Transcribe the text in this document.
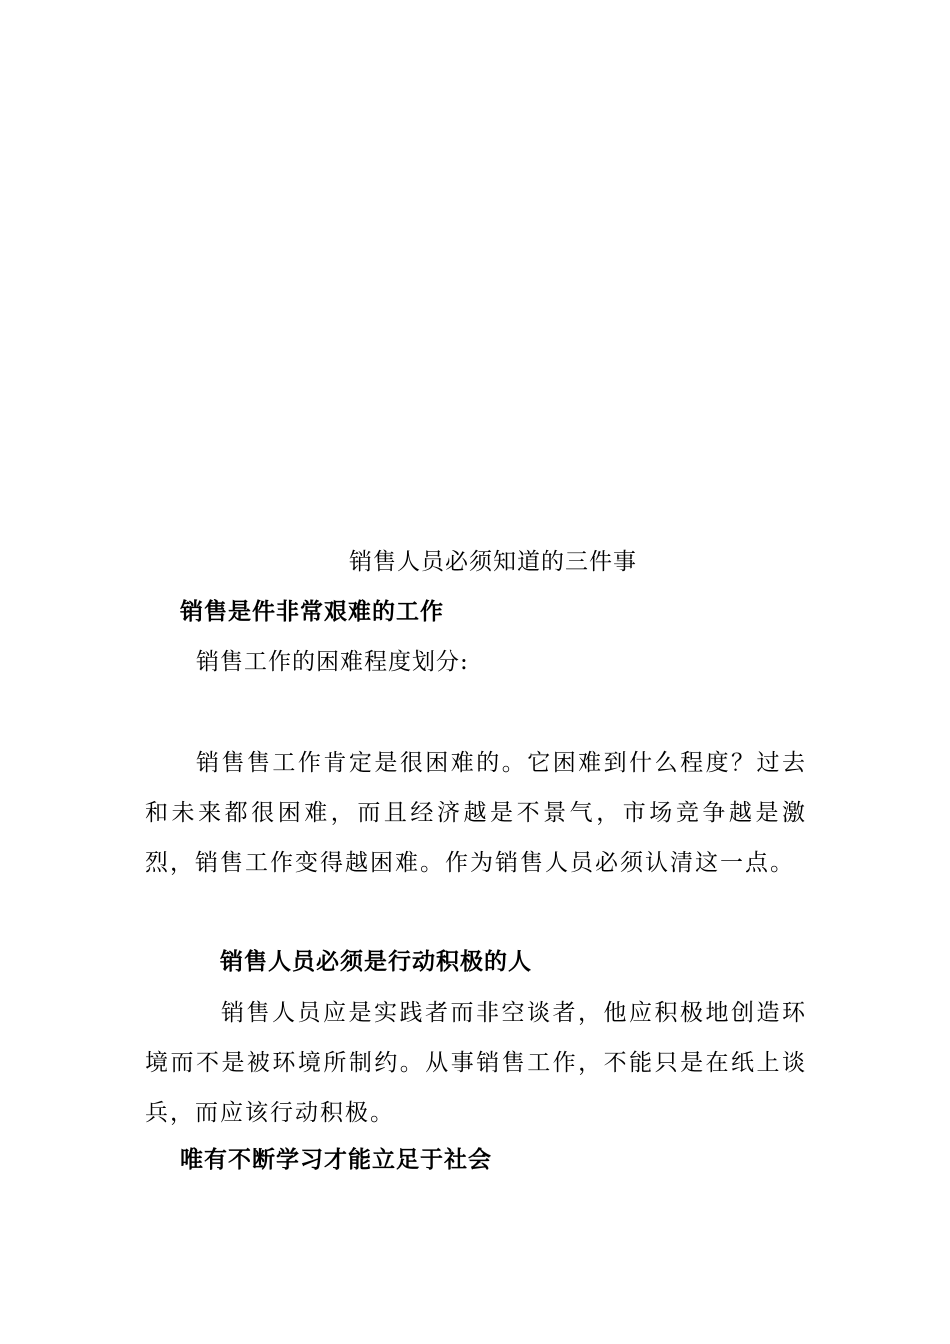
销售人员必须知道的三件事
销售是件非常艰难的工作
销售工作的困难程度划分:

销售售工作肯定是很困难的。它困难到什么程度？过去和未来都很困难，而且经济越是不景气，市场竞争越是激烈，销售工作变得越困难。作为销售人员必须认清这一点。

销售人员必须是行动积极的人

销售人员应是实践者而非空谈者，他应积极地创造环境而不是被环境所制约。从事销售工作，不能只是在纸上谈兵，而应该行动积极。

唯有不断学习才能立足于社会
